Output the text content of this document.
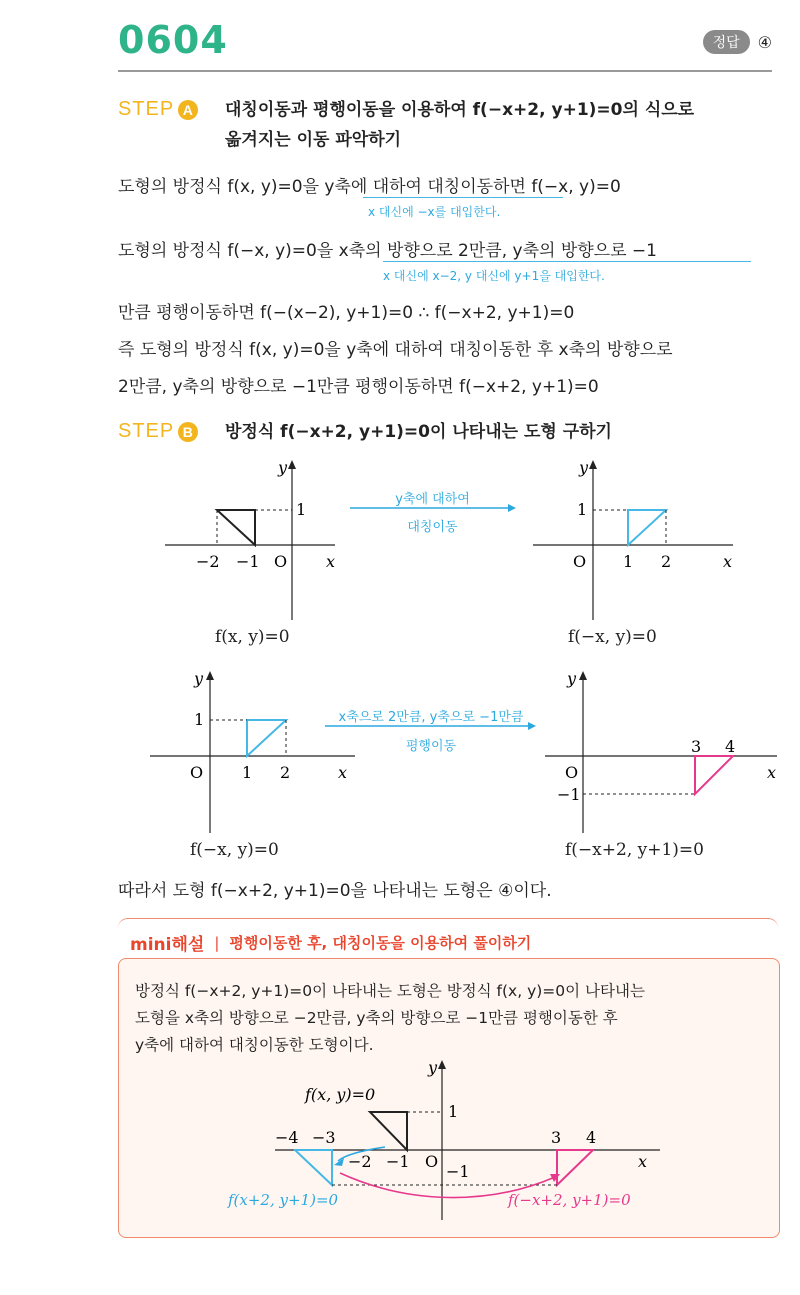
0604	정답	④
STEP A 대칭이동과 평행이동을 이용하여 f(−x+2, y+1)=0의 식으로
옮겨지는 이동 파악하기
도형의 방정식 f(x, y)=0을 y축에 대하여 대칭이동하면 f(−x, y)=0
x 대신에 −x를 대입한다.
도형의 방정식 f(−x, y)=0을 x축의 방향으로 2만큼, y축의 방향으로 −1
x 대신에 x−2, y 대신에 y+1을 대입한다.
만큼 평행이동하면 f(−(x−2), y+1)=0 ∴ f(−x+2, y+1)=0
즉 도형의 방정식 f(x, y)=0을 y축에 대하여 대칭이동한 후 x축의 방향으로
2만큼, y축의 방향으로 −1만큼 평행이동하면 f(−x+2, y+1)=0
STEP B 방정식 f(−x+2, y+1)=0이 나타내는 도형 구하기
−2 −1 O x
y
1
f(x, y)=0
y축에 대하여
대칭이동
O 1 2	x
y
1
f(−x, y)=0
O 1 2	x
y
1
f(−x, y)=0
x축으로 2만큼, y축으로 −1만큼
평행이동
O
3 4
x
y
−1
f(−x+2, y+1)=0
따라서 도형 f(−x+2, y+1)=0을 나타내는 도형은 ④이다.
mini해설 | 평행이동한 후, 대칭이동을 이용하여 풀이하기
방정식 f(−x+2, y+1)=0이 나타내는 도형은 방정식 f(x, y)=0이 나타내는
도형을 x축의 방향으로 −2만큼, y축의 방향으로 −1만큼 평행이동한 후
y축에 대하여 대칭이동한 도형이다.
f(x, y)=0
−4 −3
−2 −1 O
3 4
x
y
1
−1
f(x+2, y+1)=0	f(−x+2, y+1)=0
